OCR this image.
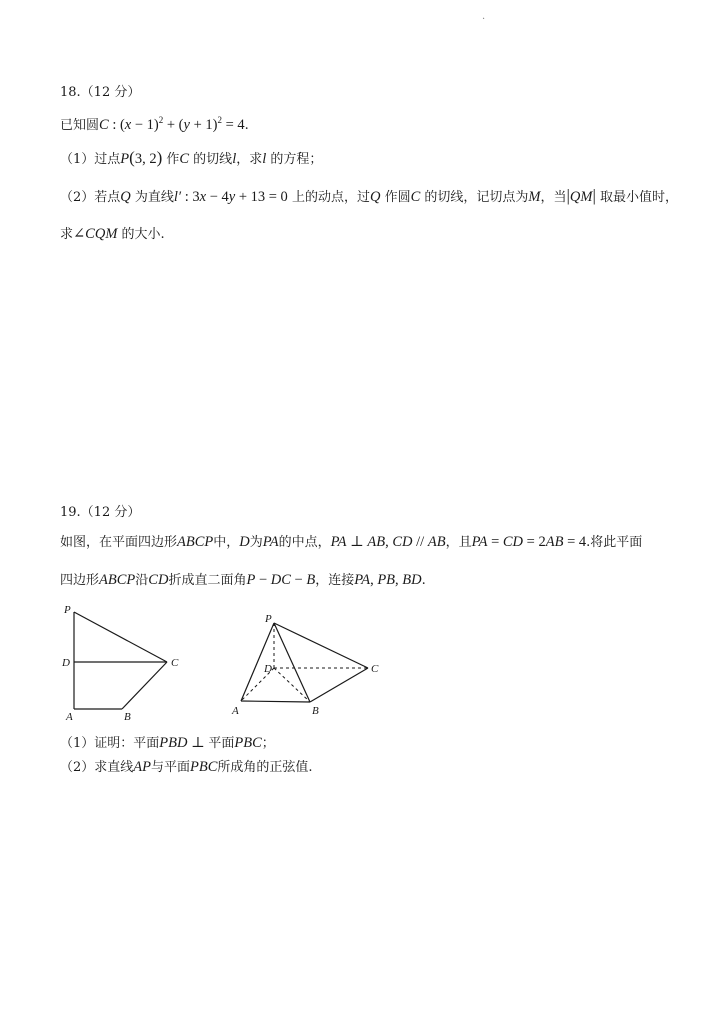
·
18.（12 分）
已知圆C : $(x - 1)^2 + (y + 1)^2 = 4$.
（1）过点P(3, 2) 作C 的切线l，求l 的方程；
（2）若点Q 为直线l′ : 3x − 4y + 13 = 0 上的动点，过Q 作圆C 的切线，记切点为M，当|QM| 取最小值时，
求∠CQM 的大小.
19.（12 分）
如图，在平面四边形ABCP中，D为PA的中点，PA ⊥ AB, CD // AB，且PA = CD = 2AB = 4.将此平面
四边形ABCP沿CD折成直二面角P − DC − B，连接PA, PB, BD.
P
D	C
A	B
P
D	C
A	B
（1）证明：平面PBD ⊥ 平面PBC；
（2）求直线AP与平面PBC所成角的正弦值.
